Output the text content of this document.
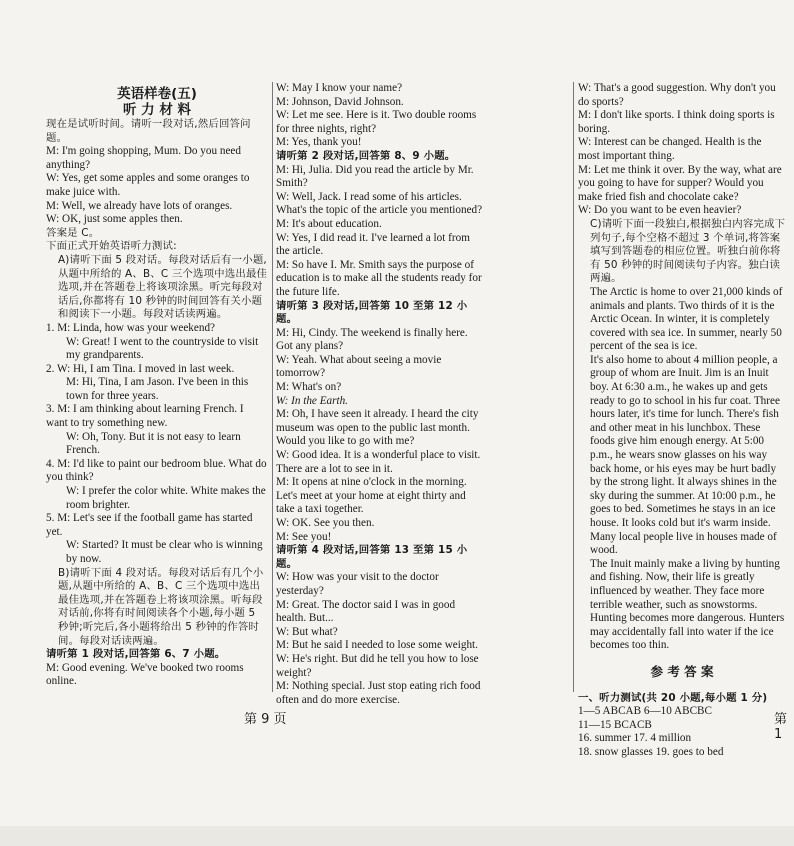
英语样卷(五)

听 力 材 料

现在是试听时间。请听一段对话,然后回答问题。

M: I'm going shopping, Mum. Do you need anything?

W: Yes, get some apples and some oranges to make juice with.

M: Well, we already have lots of oranges.

W: OK, just some apples then.

答案是 C。

下面正式开始英语听力测试:

A)请听下面 5 段对话。每段对话后有一小题,从题中所给的 A、B、C 三个选项中选出最佳选项,并在答题卷上将该项涂黑。听完每段对话后,你都将有 10 秒钟的时间回答有关小题和阅读下一小题。每段对话读两遍。

1. M: Linda, how was your weekend?

W: Great! I went to the countryside to visit my grandparents.

2. W: Hi, I am Tina. I moved in last week.

M: Hi, Tina, I am Jason. I've been in this town for three years.

3. M: I am thinking about learning French. I want to try something new.

W: Oh, Tony. But it is not easy to learn French.

4. M: I'd like to paint our bedroom blue. What do you think?

W: I prefer the color white. White makes the room brighter.

5. M: Let's see if the football game has started yet.

W: Started? It must be clear who is winning by now.

B)请听下面 4 段对话。每段对话后有几个小题,从题中所给的 A、B、C 三个选项中选出最佳选项,并在答题卷上将该项涂黑。听每段对话前,你将有时间阅读各个小题,每小题 5 秒钟;听完后,各小题将给出 5 秒钟的作答时间。每段对话读两遍。

请听第 1 段对话,回答第 6、7 小题。

M: Good evening. We've booked two rooms online.

W: May I know your name?

M: Johnson, David Johnson.

W: Let me see. Here is it. Two double rooms for three nights, right?

M: Yes, thank you!

请听第 2 段对话,回答第 8、9 小题。

M: Hi, Julia. Did you read the article by Mr. Smith?

W: Well, Jack. I read some of his articles. What's the topic of the article you mentioned?

M: It's about education.

W: Yes, I did read it. I've learned a lot from the article.

M: So have I. Mr. Smith says the purpose of education is to make all the students ready for the future life.

请听第 3 段对话,回答第 10 至第 12 小题。

M: Hi, Cindy. The weekend is finally here. Got any plans?

W: Yeah. What about seeing a movie tomorrow?

M: What's on?

W: In the Earth.

M: Oh, I have seen it already. I heard the city museum was open to the public last month. Would you like to go with me?

W: Good idea. It is a wonderful place to visit. There are a lot to see in it.

M: It opens at nine o'clock in the morning. Let's meet at your home at eight thirty and take a taxi together.

W: OK. See you then.

M: See you!

请听第 4 段对话,回答第 13 至第 15 小题。

W: How was your visit to the doctor yesterday?

M: Great. The doctor said I was in good health. But...

W: But what?

M: But he said I needed to lose some weight.

W: He's right. But did he tell you how to lose weight?

M: Nothing special. Just stop eating rich food often and do more exercise.

W: That's a good suggestion. Why don't you do sports?

M: I don't like sports. I think doing sports is boring.

W: Interest can be changed. Health is the most important thing.

M: Let me think it over. By the way, what are you going to have for supper? Would you make fried fish and chocolate cake?

W: Do you want to be even heavier?

C)请听下面一段独白,根据独白内容完成下列句子,每个空格不超过 3 个单词,将答案填写到答题卷的相应位置。听独白前你将有 50 秒钟的时间阅读句子内容。独白读两遍。

The Arctic is home to over 21,000 kinds of animals and plants. Two thirds of it is the Arctic Ocean. In winter, it is completely covered with sea ice. In summer, nearly 50 percent of the sea is ice.

It's also home to about 4 million people, a group of whom are Inuit. Jim is an Inuit boy. At 6:30 a.m., he wakes up and gets ready to go to school in his fur coat. Three hours later, it's time for lunch. There's fish and other meat in his lunchbox. These foods give him enough energy. At 5:00 p.m., he wears snow glasses on his way back home, or his eyes may be hurt badly by the strong light. It always shines in the sky during the summer. At 10:00 p.m., he goes to bed. Sometimes he stays in an ice house. It looks cold but it's warm inside. Many local people live in houses made of wood.

The Inuit mainly make a living by hunting and fishing. Now, their life is greatly influenced by weather. They face more terrible weather, such as snowstorms. Hunting becomes more dangerous. Hunters may accidentally fall into water if the ice becomes too thin.

参 考 答 案

一、听力测试(共 20 小题,每小题 1 分)

1—5 ABCAB 6—10 ABCBC

11—15 BCACB

16. summer 17. 4 million

18. snow glasses 19. goes to bed

第 9 页	第 1
